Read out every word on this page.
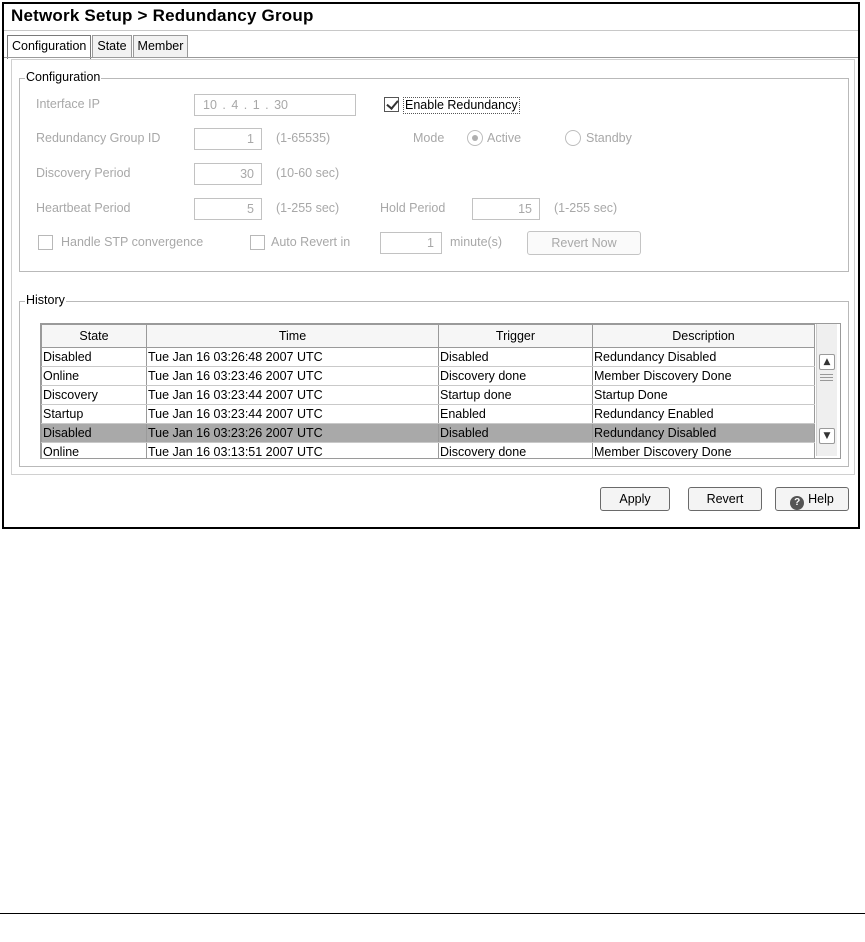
Network Setup > Redundancy Group
Configuration State Member
Configuration
Interface IP	10 . 4 . 1 . 30	Enable Redundancy
Redundancy Group ID	1	(1-65535)	Mode	Active	Standby
Discovery Period	30	(10-60 sec)
Heartbeat Period	5	(1-255 sec)	Hold Period	15	(1-255 sec)
Handle STP convergence	Auto Revert in	1	minute(s)	Revert Now
History
State	Time	Trigger	Description
Disabled	Tue Jan 16 03:26:48 2007 UTC	Disabled	Redundancy Disabled
Online	Tue Jan 16 03:23:46 2007 UTC	Discovery done	Member Discovery Done
Discovery	Tue Jan 16 03:23:44 2007 UTC	Startup done	Startup Done
Startup	Tue Jan 16 03:23:44 2007 UTC	Enabled	Redundancy Enabled
Disabled	Tue Jan 16 03:23:26 2007 UTC	Disabled	Redundancy Disabled
Online	Tue Jan 16 03:13:51 2007 UTC	Discovery done	Member Discovery Done
▲
▼
Apply	Revert	? Help
